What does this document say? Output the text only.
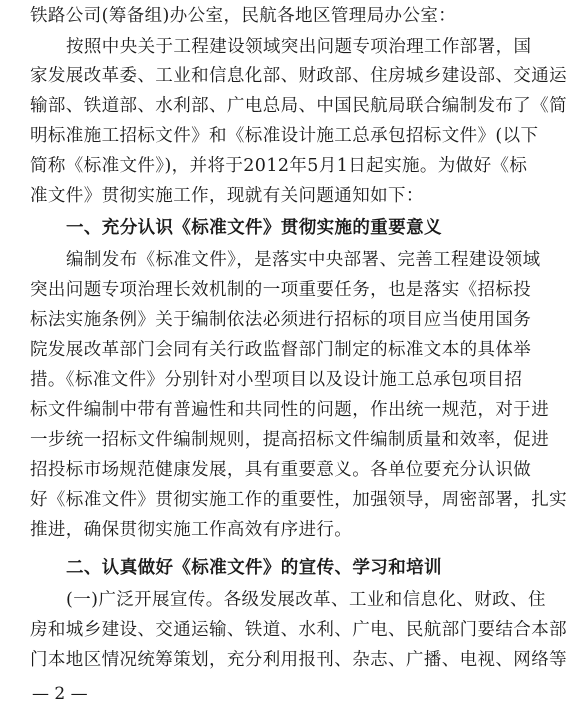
铁路公司(筹备组)办公室，民航各地区管理局办公室：
按照中央关于工程建设领域突出问题专项治理工作部署，国
家发展改革委、工业和信息化部、财政部、住房城乡建设部、交通运
输部、铁道部、水利部、广电总局、中国民航局联合编制发布了《简
明标准施工招标文件》和《标准设计施工总承包招标文件》(以下
简称《标准文件》)，并将于2012年5月1日起实施。为做好《标
准文件》贯彻实施工作，现就有关问题通知如下：
一、充分认识《标准文件》贯彻实施的重要意义
编制发布《标准文件》，是落实中央部署、完善工程建设领域
突出问题专项治理长效机制的一项重要任务，也是落实《招标投
标法实施条例》关于编制依法必须进行招标的项目应当使用国务
院发展改革部门会同有关行政监督部门制定的标准文本的具体举
措。《标准文件》分别针对小型项目以及设计施工总承包项目招
标文件编制中带有普遍性和共同性的问题，作出统一规范，对于进
一步统一招标文件编制规则，提高招标文件编制质量和效率，促进
招投标市场规范健康发展，具有重要意义。各单位要充分认识做
好《标准文件》贯彻实施工作的重要性，加强领导，周密部署，扎实
推进，确保贯彻实施工作高效有序进行。
二、认真做好《标准文件》的宣传、学习和培训
(一)广泛开展宣传。各级发展改革、工业和信息化、财政、住
房和城乡建设、交通运输、铁道、水利、广电、民航部门要结合本部
门本地区情况统筹策划，充分利用报刊、杂志、广播、电视、网络等
— 2 —
